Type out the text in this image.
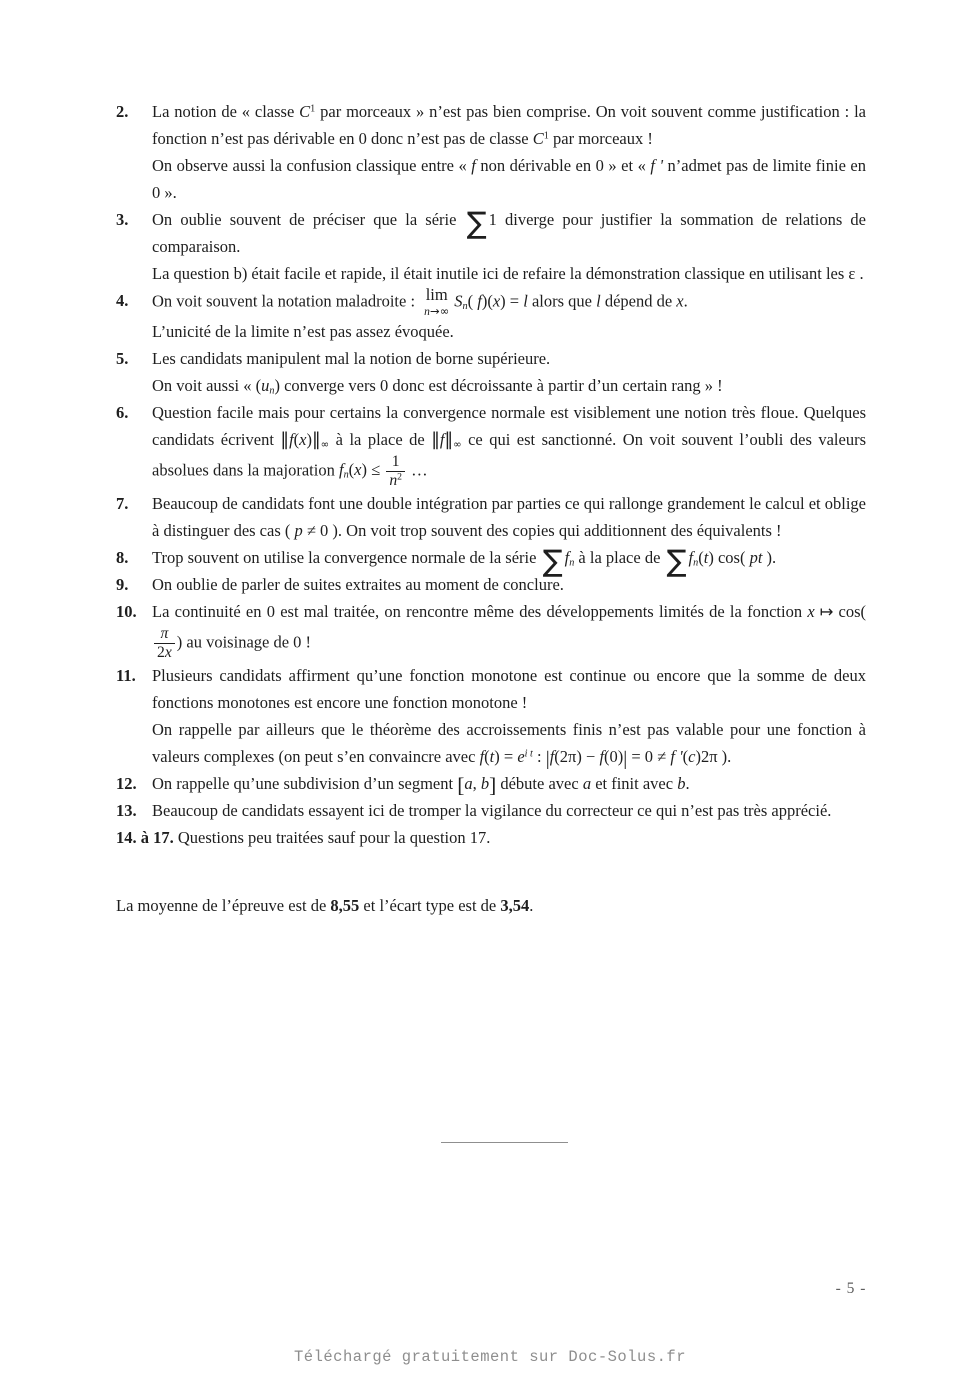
2.	La notion de « classe $C^1$ par morceaux » n’est pas bien comprise. On voit souvent comme justification : la fonction n’est pas dérivable en 0 donc n’est pas de classe $C^1$ par morceaux !

On observe aussi la confusion classique entre « f non dérivable en 0 » et « f ' n’admet pas de limite finie en 0 ».

3.	On oublie souvent de préciser que la série ∑ 1 diverge pour justifier la sommation de relations de comparaison.

La question b) était facile et rapide, il était inutile ici de refaire la démonstration classique en utilisant les ε .

4.	On voit souvent la notation maladroite : lim
n→∞
$S_n$( f)(x) = l alors que l dépend de x.

L’unicité de la limite n’est pas assez évoquée.

5.	Les candidats manipulent mal la notion de borne supérieure.

On voit aussi « $(u_n)$ converge vers 0 donc est décroissante à partir d’un certain rang » !

6.	Question facile mais pour certains la convergence normale est visiblement une notion très floue. Quelques candidats écrivent $‖f(x)‖_\infty$ à la place de $‖f‖_\infty$ ce qui est sanctionné. On voit souvent l’oubli des valeurs absolues dans la majoration $f_n(x) \le \frac{1}{n^2}$ …

7.	Beaucoup de candidats font une double intégration par parties ce qui rallonge grandement le calcul et oblige à distinguer des cas ( p ≠ 0 ). On voit trop souvent des copies qui additionnent des équivalents !

8.	Trop souvent on utilise la convergence normale de la série ∑ $f_n$ à la place de ∑ $f_n(t)$ cos( pt ).

9.	On oublie de parler de suites extraites au moment de conclure.

10. La continuité en 0 est mal traitée, on rencontre même des développements limités de la fonction x ↦ cos(
$\frac{\pi}{2x}$ ) au voisinage de 0 !

11. Plusieurs candidats affirment qu’une fonction monotone est continue ou encore que la somme de deux fonctions monotones est encore une fonction monotone !

On rappelle par ailleurs que le théorème des accroissements finis n’est pas valable pour une fonction à valeurs complexes (on peut s’en convaincre avec $f(t) = e^{i t}$ : |f(2π) − f(0)| = 0 ≠ f '(c)2π ).

12. On rappelle qu’une subdivision d’un segment [a, b] débute avec a et finit avec b.

13. Beaucoup de candidats essayent ici de tromper la vigilance du correcteur ce qui n’est pas très apprécié.

14. à 17. Questions peu traitées sauf pour la question 17.

La moyenne de l’épreuve est de 8,55 et l’écart type est de 3,54.

- 5 -
Téléchargé gratuitement sur Doc-Solus.fr
